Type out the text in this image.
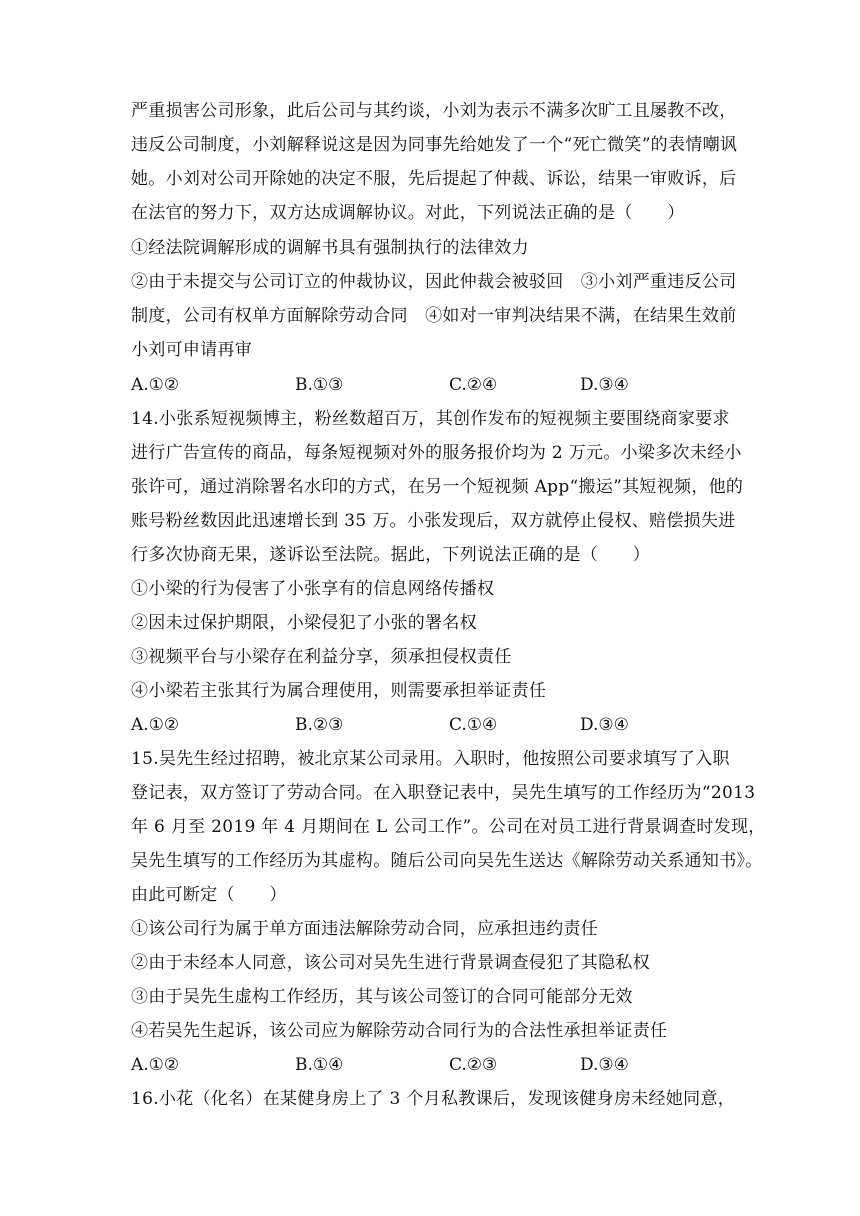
严重损害公司形象，此后公司与其约谈，小刘为表示不满多次旷工且屡教不改，
违反公司制度，小刘解释说这是因为同事先给她发了一个“死亡微笑”的表情嘲讽
她。小刘对公司开除她的决定不服，先后提起了仲裁、诉讼，结果一审败诉，后
在法官的努力下，双方达成调解协议。对此，下列说法正确的是（　　）
①经法院调解形成的调解书具有强制执行的法律效力
②由于未提交与公司订立的仲裁协议，因此仲裁会被驳回　③小刘严重违反公司
制度，公司有权单方面解除劳动合同　④如对一审判决结果不满，在结果生效前
小刘可申请再审
A.①②	B.①③	C.②④	D.③④
14.小张系短视频博主，粉丝数超百万，其创作发布的短视频主要围绕商家要求
进行广告宣传的商品，每条短视频对外的服务报价均为 2 万元。小梁多次未经小
张许可，通过消除署名水印的方式，在另一个短视频 App“搬运”其短视频，他的
账号粉丝数因此迅速增长到 35 万。小张发现后，双方就停止侵权、赔偿损失进
行多次协商无果，遂诉讼至法院。据此，下列说法正确的是（　　）
①小梁的行为侵害了小张享有的信息网络传播权
②因未过保护期限，小梁侵犯了小张的署名权
③视频平台与小梁存在利益分享，须承担侵权责任
④小梁若主张其行为属合理使用，则需要承担举证责任
A.①②	B.②③	C.①④	D.③④
15.吴先生经过招聘，被北京某公司录用。入职时，他按照公司要求填写了入职
登记表，双方签订了劳动合同。在入职登记表中，吴先生填写的工作经历为“2013
年 6 月至 2019 年 4 月期间在 L 公司工作”。公司在对员工进行背景调查时发现，
吴先生填写的工作经历为其虚构。随后公司向吴先生送达《解除劳动关系通知书》。
由此可断定（　　）
①该公司行为属于单方面违法解除劳动合同，应承担违约责任
②由于未经本人同意，该公司对吴先生进行背景调查侵犯了其隐私权
③由于吴先生虚构工作经历，其与该公司签订的合同可能部分无效
④若吴先生起诉，该公司应为解除劳动合同行为的合法性承担举证责任
A.①②	B.①④	C.②③	D.③④
16.小花（化名）在某健身房上了 3 个月私教课后，发现该健身房未经她同意，
